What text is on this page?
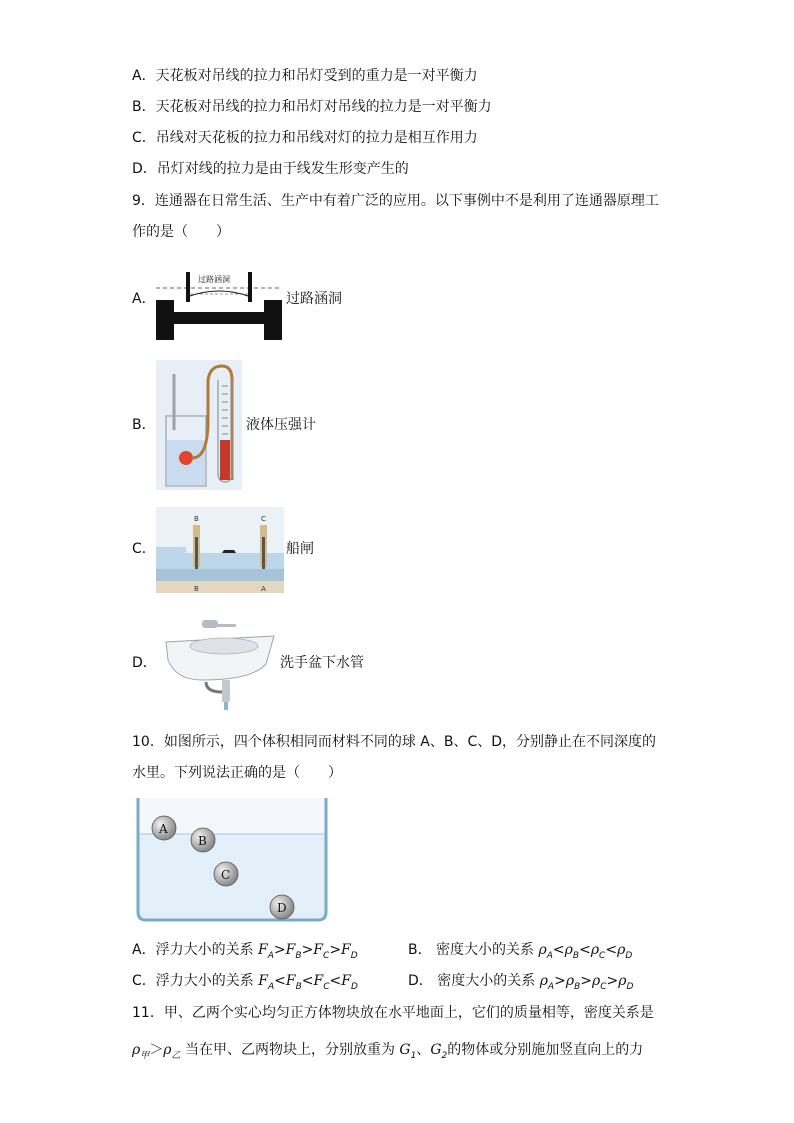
A．天花板对吊线的拉力和吊灯受到的重力是一对平衡力
B．天花板对吊线的拉力和吊灯对吊线的拉力是一对平衡力
C．吊线对天花板的拉力和吊线对灯的拉力是相互作用力
D．吊灯对线的拉力是由于线发生形变产生的
9．连通器在日常生活、生产中有着广泛的应用。以下事例中不是利用了连通器原理工
作的是（　　）
A．
过路涵洞
过路涵洞
B．	液体压强计
C．
B	C
B	A
船闸
D．	洗手盆下水管
10．如图所示，四个体积相同而材料不同的球 A、B、C、D，分别静止在不同深度的
水里。下列说法正确的是（　　）
A
B
C
D
A．浮力大小的关系 $F_A>F_B>F_C>F_D$	B． 密度大小的关系 $\rho_A<\rho_B<\rho_C<\rho_D$
C．浮力大小的关系 $F_A<F_B<F_C<F_D$	D． 密度大小的关系 $\rho_A>\rho_B>\rho_C>\rho_D$
11．甲、乙两个实心均匀正方体物块放在水平地面上，它们的质量相等，密度关系是
$\rho_甲>\rho_乙$ 当在甲、乙两物块上，分别放重为 $G_1$、$G_2$的物体或分别施加竖直向上的力
